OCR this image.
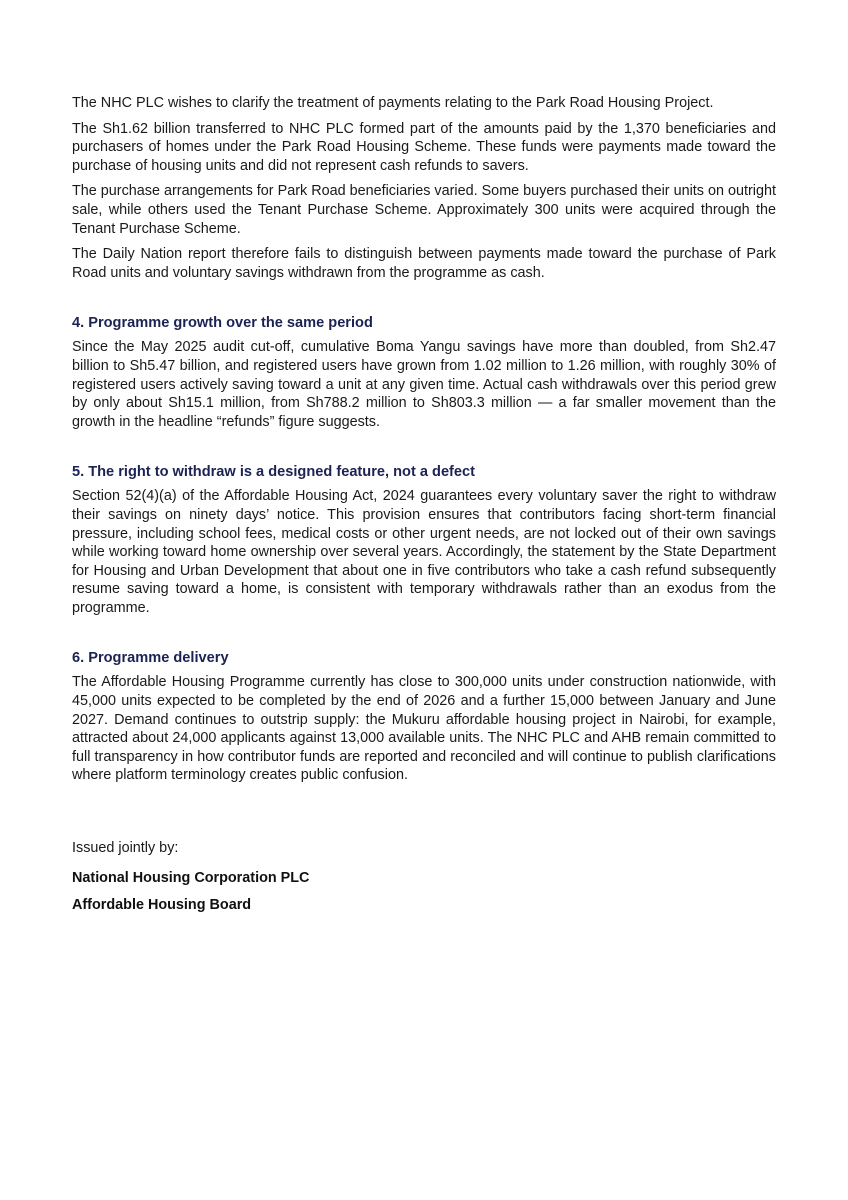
The NHC PLC wishes to clarify the treatment of payments relating to the Park Road Housing Project.

The Sh1.62 billion transferred to NHC PLC formed part of the amounts paid by the 1,370 beneficiaries and purchasers of homes under the Park Road Housing Scheme. These funds were payments made toward the purchase of housing units and did not represent cash refunds to savers.

The purchase arrangements for Park Road beneficiaries varied. Some buyers purchased their units on outright sale, while others used the Tenant Purchase Scheme. Approximately 300 units were acquired through the Tenant Purchase Scheme.

The Daily Nation report therefore fails to distinguish between payments made toward the purchase of Park Road units and voluntary savings withdrawn from the programme as cash.

4. Programme growth over the same period

Since the May 2025 audit cut-off, cumulative Boma Yangu savings have more than doubled, from Sh2.47 billion to Sh5.47 billion, and registered users have grown from 1.02 million to 1.26 million, with roughly 30% of registered users actively saving toward a unit at any given time. Actual cash withdrawals over this period grew by only about Sh15.1 million, from Sh788.2 million to Sh803.3 million — a far smaller movement than the growth in the headline “refunds” figure suggests.

5. The right to withdraw is a designed feature, not a defect

Section 52(4)(a) of the Affordable Housing Act, 2024 guarantees every voluntary saver the right to withdraw their savings on ninety days’ notice. This provision ensures that contributors facing short-term financial pressure, including school fees, medical costs or other urgent needs, are not locked out of their own savings while working toward home ownership over several years. Accordingly, the statement by the State Department for Housing and Urban Development that about one in five contributors who take a cash refund subsequently resume saving toward a home, is consistent with temporary withdrawals rather than an exodus from the programme.

6. Programme delivery

The Affordable Housing Programme currently has close to 300,000 units under construction nationwide, with 45,000 units expected to be completed by the end of 2026 and a further 15,000 between January and June 2027. Demand continues to outstrip supply: the Mukuru affordable housing project in Nairobi, for example, attracted about 24,000 applicants against 13,000 available units. The NHC PLC and AHB remain committed to full transparency in how contributor funds are reported and reconciled and will continue to publish clarifications where platform terminology creates public confusion.

Issued jointly by:

National Housing Corporation PLC

Affordable Housing Board
